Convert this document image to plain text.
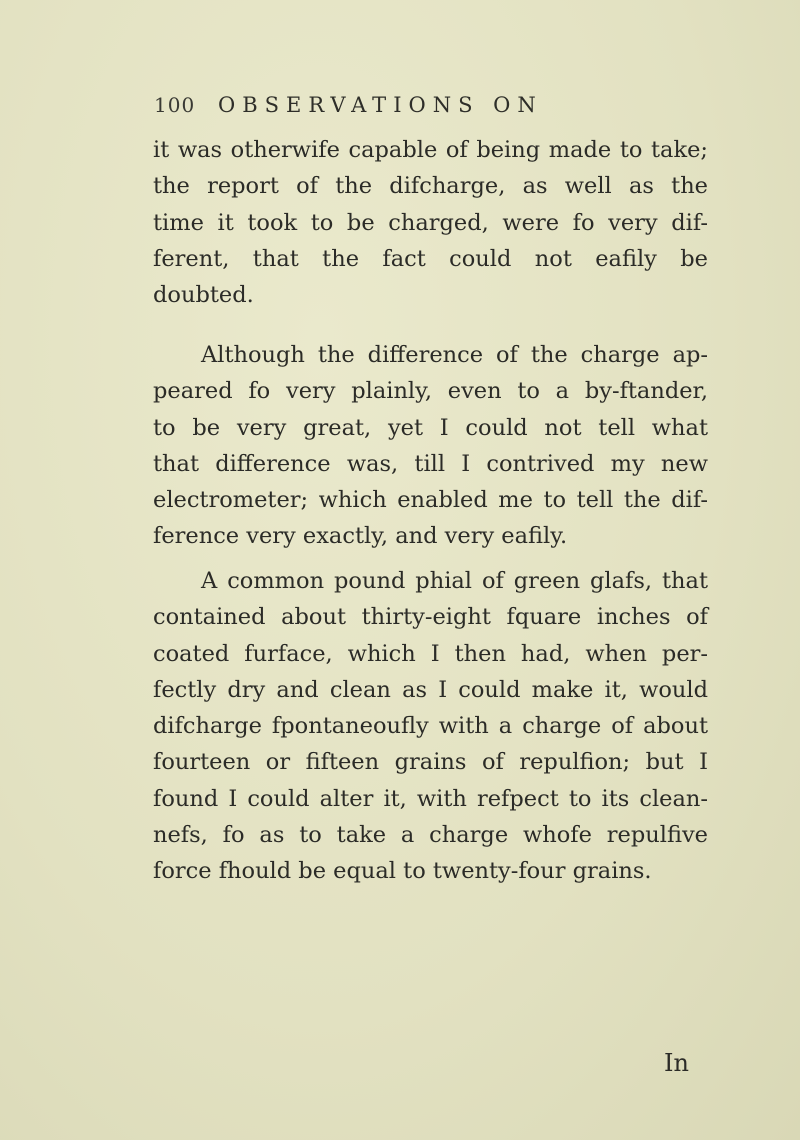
100 OBSERVATIONS ON
it was otherwife capable of being made to take;
the report of the difcharge, as well as the
time it took to be charged, were fo very dif-
ferent, that the fact could not eafily be
doubted.
Although the difference of the charge ap-
peared fo very plainly, even to a by-ftander,
to be very great, yet I could not tell what
that difference was, till I contrived my new
electrometer; which enabled me to tell the dif-
ference very exactly, and very eafily.
A common pound phial of green glafs, that
contained about thirty-eight fquare inches of
coated furface, which I then had, when per-
fectly dry and clean as I could make it, would
difcharge fpontaneoufly with a charge of about
fourteen or fifteen grains of repulfion; but I
found I could alter it, with refpect to its clean-
nefs, fo as to take a charge whofe repulfive
force fhould be equal to twenty-four grains.
In
